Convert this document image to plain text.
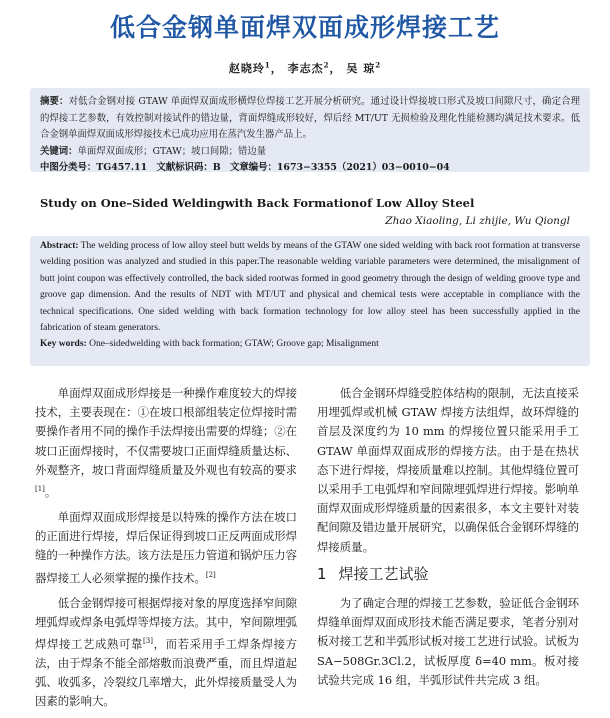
低合金钢单面焊双面成形焊接工艺
赵晓玲$^1$， 李志杰$^2$， 吴 琼$^2$
摘要：对低合金钢对接 GTAW 单面焊双面成形横焊位焊接工艺开展分析研究。通过设计焊接坡口形式及坡口间隙尺寸，确定合理的焊接工艺参数，有效控制对接试件的错边量，背面焊缝成形较好，焊后经 MT/UT 无损检验及理化性能检测均满足技术要求。低合金钢单面焊双面成形焊接技术已成功应用在蒸汽发生器产品上。
关键词：单面焊双面成形；GTAW；坡口间隙；错边量
中图分类号：TG457.11　文献标识码：B　文章编号：1673−3355（2021）03−0010−04
Study on One–Sided Weldingwith Back Formationof Low Alloy Steel
Zhao Xiaoling, Li zhijie, Wu Qiongl
Abstract: The welding process of low alloy steel butt welds by means of the GTAW one sided welding with back root formation at transverse welding position was analyzed and studied in this paper.The reasonable welding variable parameters were determined, the misalignment of butt joint coupon was effectively controlled, the back sided rootwas formed in good geometry through the design of welding groove type and groove gap dimension. And the results of NDT with MT/UT and physical and chemical tests were acceptable in compliance with the technical specifications. One sided welding with back formation technology for low alloy steel has been successfully applied in the fabrication of steam generators.
Key words: One–sidedwelding with back formation; GTAW; Groove gap; Misalignment

单面焊双面成形焊接是一种操作难度较大的焊接技术，主要表现在：①在坡口根部组装定位焊接时需要操作者用不同的操作手法焊接出需要的焊缝；②在坡口正面焊接时，不仅需要坡口正面焊缝质量达标、外观整齐，坡口背面焊缝质量及外观也有较高的要求[1]。

单面焊双面成形焊接是以特殊的操作方法在坡口的正面进行焊接，焊后保证得到坡口正反两面成形焊缝的一种操作方法。该方法是压力管道和锅炉压力容器焊接工人必须掌握的操作技术。[2]

低合金钢焊接可根据焊接对象的厚度选择窄间隙埋弧焊或焊条电弧焊等焊接方法。其中，窄间隙埋弧焊焊接工艺成熟可靠[3]，而若采用手工焊条焊接方法，由于焊条不能全部熔敷而浪费严重，而且焊道起弧、收弧多，冷裂纹几率增大，此外焊接质量受人为因素的影响大。

低合金钢环焊缝受腔体结构的限制，无法直接采用埋弧焊或机械 GTAW 焊接方法组焊，故环焊缝的首层及深度约为 10 mm 的焊接位置只能采用手工 GTAW 单面焊双面成形的焊接方法。由于是在热状态下进行焊接，焊接质量难以控制。其他焊缝位置可以采用手工电弧焊和窄间隙埋弧焊进行焊接。影响单面焊双面成形焊缝质量的因素很多，本文主要针对装配间隙及错边量开展研究，以确保低合金钢环焊缝的焊接质量。

1 焊接工艺试验

为了确定合理的焊接工艺参数，验证低合金钢环焊缝单面焊双面成形技术能否满足要求，笔者分别对板对接工艺和半弧形试板对接工艺进行试验。试板为 SA−508Gr.3Cl.2，试板厚度 δ=40 mm。板对接试验共完成 16 组，半弧形试件共完成 3 组。
